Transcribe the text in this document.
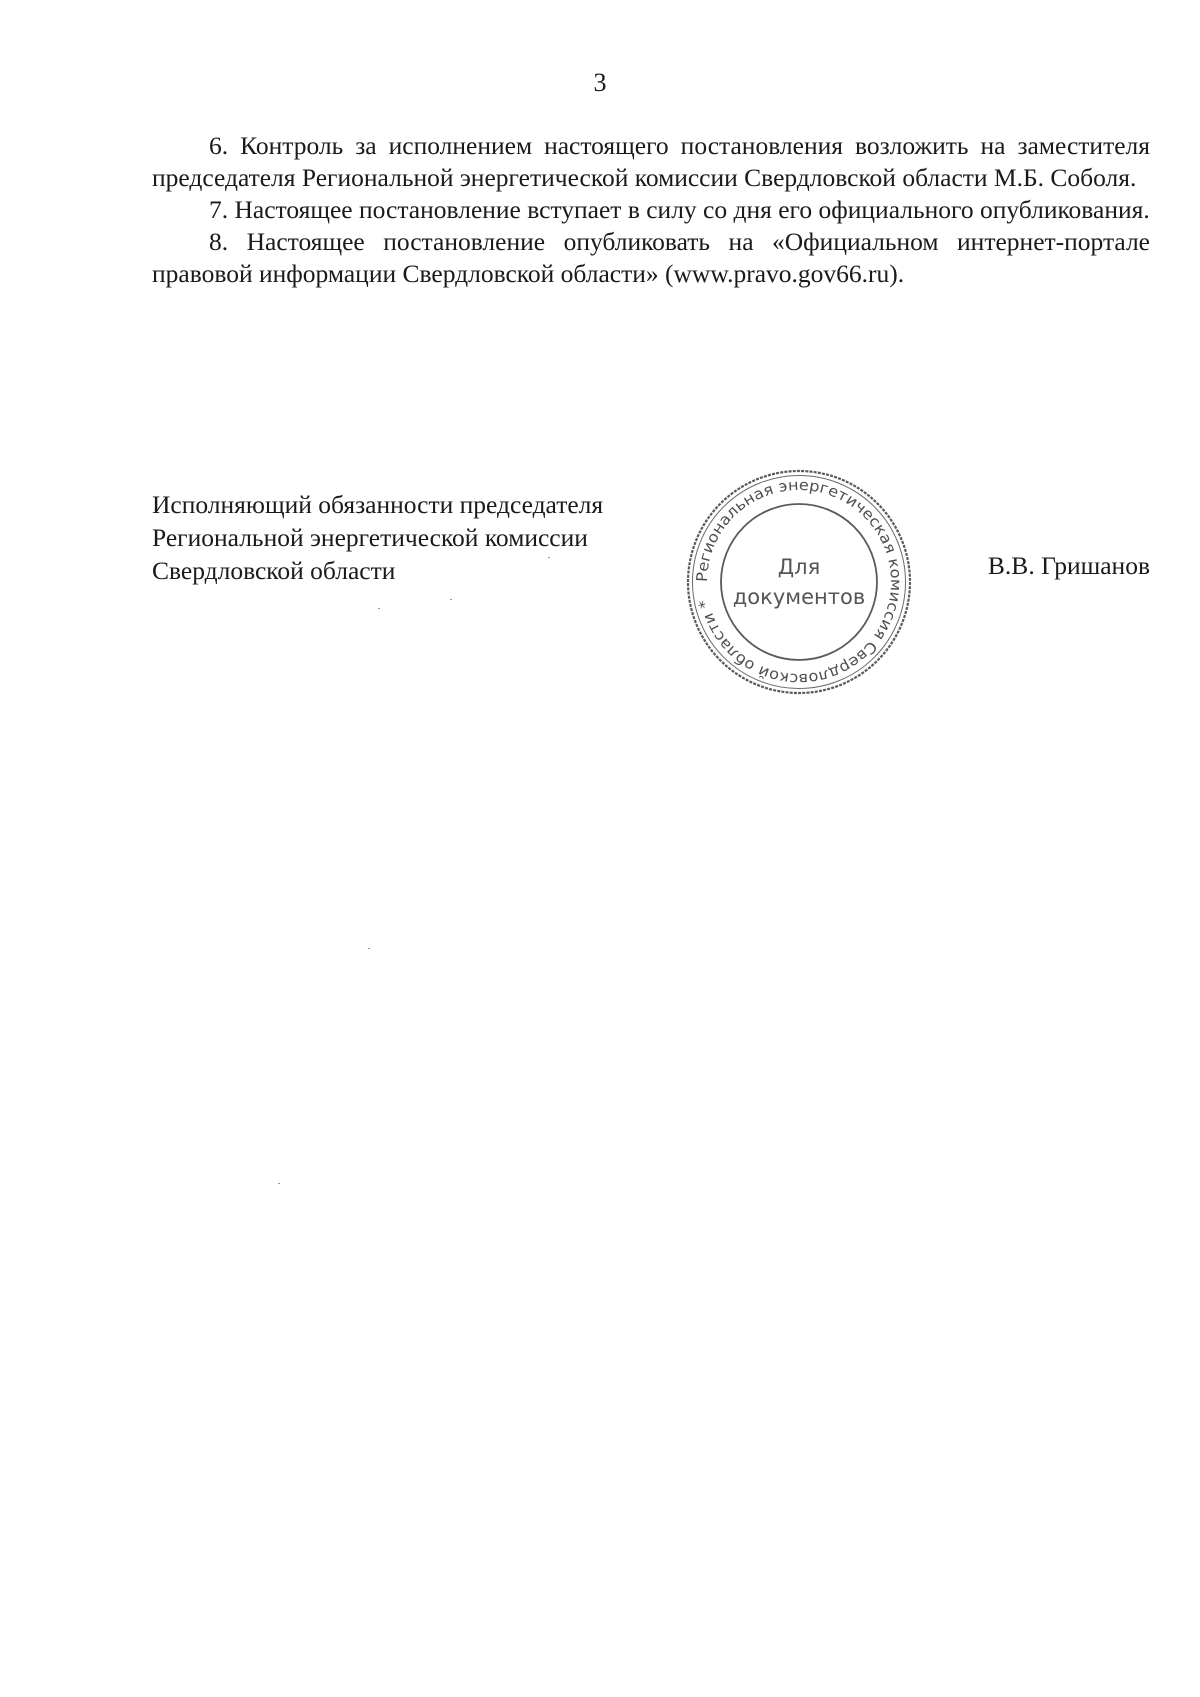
3

6. Контроль за исполнением настоящего постановления возложить на заместителя председателя Региональной энергетической комиссии Свердловской области М.Б. Соболя.

7. Настоящее постановление вступает в силу со дня его официального опубликования.

8. Настоящее постановление опубликовать на «Официальном интернет-портале правовой информации Свердловской области» (www.pravo.gov66.ru).

Исполняющий обязанности председателя
Региональной энергетической комиссии
Свердловской области	Региональная энергетическая комиссия Свердловской области *
Для
документов
В.В. Гришанов
